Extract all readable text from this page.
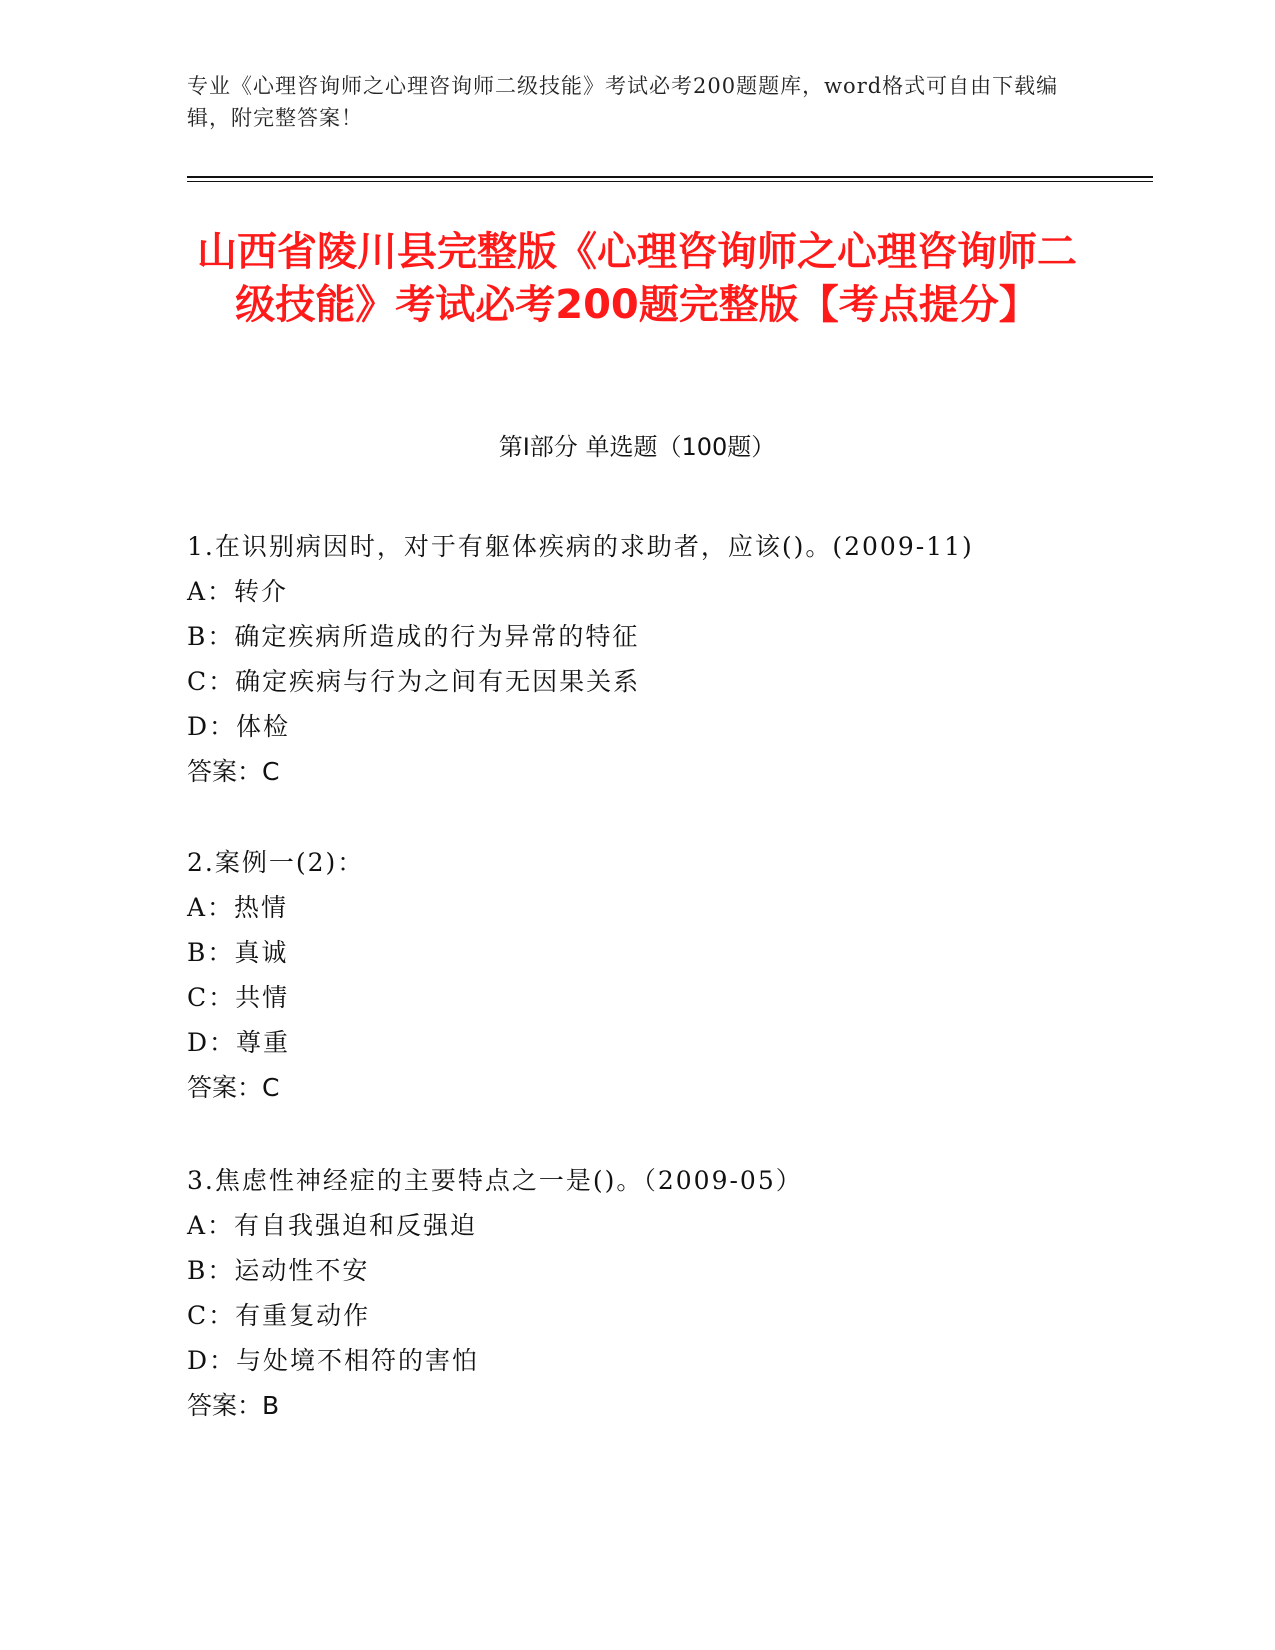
专业《心理咨询师之心理咨询师二级技能》考试必考200题题库，word格式可自由下载编辑，附完整答案！
山西省陵川县完整版《心理咨询师之心理咨询师二级技能》考试必考200题完整版【考点提分】
第I部分 单选题（100题）
1.在识别病因时，对于有躯体疾病的求助者，应该()。(2009-11)
A：转介
B：确定疾病所造成的行为异常的特征
C：确定疾病与行为之间有无因果关系
D：体检
答案：C
2.案例一(2)：
A：热情
B：真诚
C：共情
D：尊重
答案：C
3.焦虑性神经症的主要特点之一是()。（2009-05）
A：有自我强迫和反强迫
B：运动性不安
C：有重复动作
D：与处境不相符的害怕
答案：B
